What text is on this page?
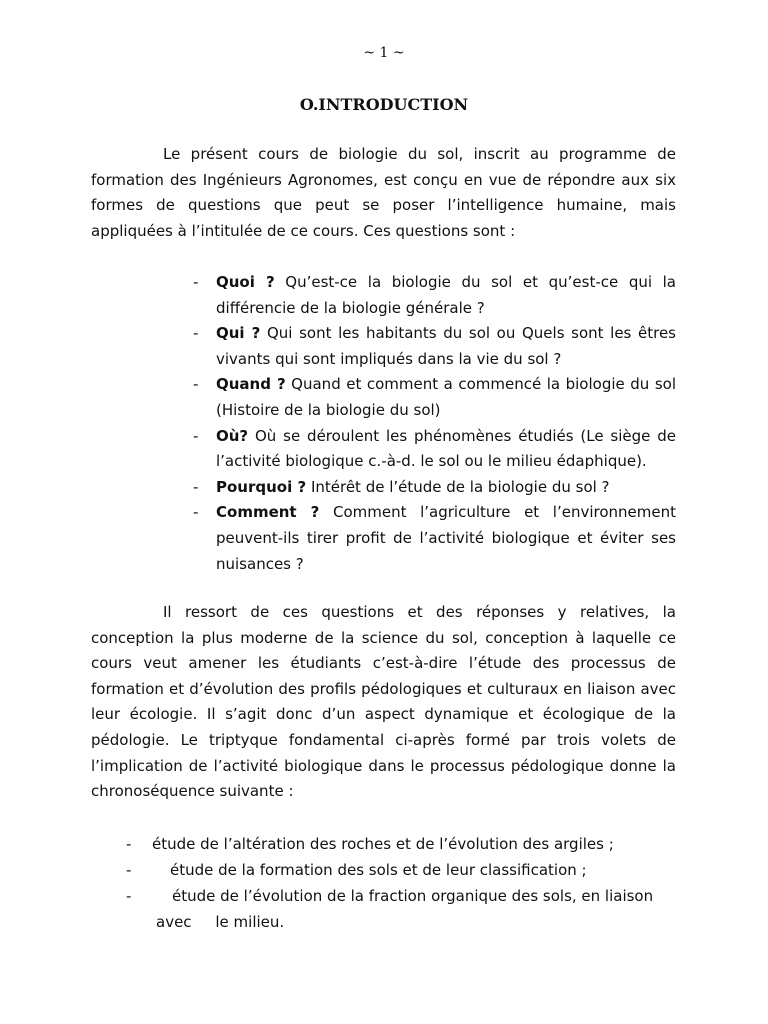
~ 1 ~
O.INTRODUCTION

Le présent cours de biologie du sol, inscrit au programme de formation des Ingénieurs Agronomes, est conçu en vue de répondre aux six formes de questions que peut se poser l’intelligence humaine, mais appliquées à l’intitulée de ce cours. Ces questions sont :

- Quoi ? Qu’est-ce la biologie du sol et qu’est-ce qui la différencie de la biologie générale ?
- Qui ? Qui sont les habitants du sol ou Quels sont les êtres vivants qui sont impliqués dans la vie du sol ?
- Quand ? Quand et comment a commencé la biologie du sol (Histoire de la biologie du sol)
- Où? Où se déroulent les phénomènes étudiés (Le siège de l’activité biologique c.-à-d. le sol ou le milieu édaphique).
- Pourquoi ? Intérêt de l’étude de la biologie du sol ?
- Comment ? Comment l’agriculture et l’environnement peuvent-ils tirer profit de l’activité biologique et éviter ses nuisances ?

Il ressort de ces questions et des réponses y relatives, la conception la plus moderne de la science du sol, conception à laquelle ce cours veut amener les étudiants c’est-à-dire l’étude des processus de formation et d’évolution des profils pédologiques et culturaux en liaison avec leur écologie. Il s’agit donc d’un aspect dynamique et écologique de la pédologie. Le triptyque fondamental ci-après formé par trois volets de l’implication de l’activité biologique dans le processus pédologique donne la chronoséquence suivante :

-	étude de l’altération des roches et de l’évolution des argiles ;
-	étude de la formation des sols et de leur classification ;
-	étude de l’évolution de la fraction organique des sols, en liaison
avec     le milieu.
